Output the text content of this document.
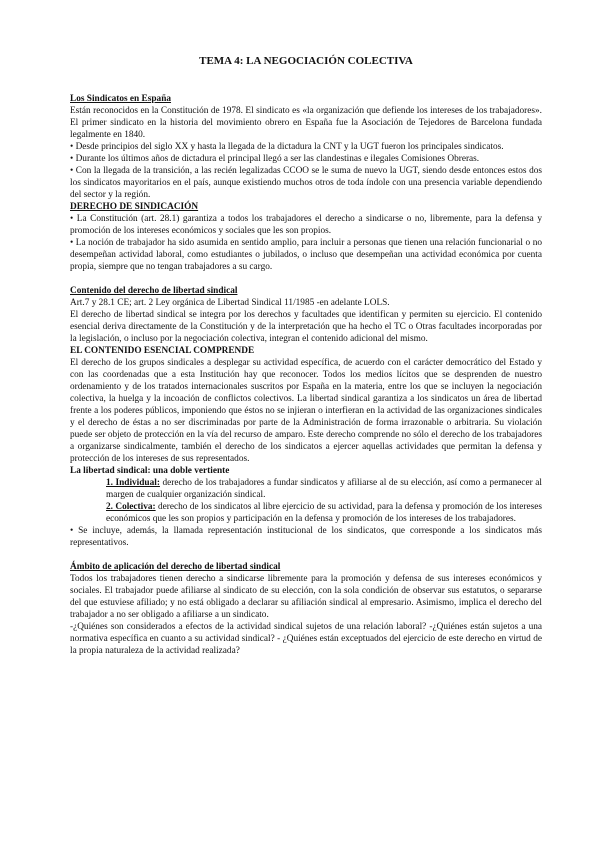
TEMA 4: LA NEGOCIACIÓN COLECTIVA

Los Sindicatos en España

Están reconocidos en la Constitución de 1978. El sindicato es «la organización que defiende los intereses de los trabajadores». El primer sindicato en la historia del movimiento obrero en España fue la Asociación de Tejedores de Barcelona fundada legalmente en 1840.

• Desde principios del siglo XX y hasta la llegada de la dictadura la CNT y la UGT fueron los principales sindicatos.

• Durante los últimos años de dictadura el principal llegó a ser las clandestinas e ilegales Comisiones Obreras.

• Con la llegada de la transición, a las recién legalizadas CCOO se le suma de nuevo la UGT, siendo desde entonces estos dos los sindicatos mayoritarios en el país, aunque existiendo muchos otros de toda índole con una presencia variable dependiendo del sector y la región.

DERECHO DE SINDICACIÓN

• La Constitución (art. 28.1) garantiza a todos los trabajadores el derecho a sindicarse o no, libremente, para la defensa y promoción de los intereses económicos y sociales que les son propios.

• La noción de trabajador ha sido asumida en sentido amplio, para incluir a personas que tienen una relación funcionarial o no desempeñan actividad laboral, como estudiantes o jubilados, o incluso que desempeñan una actividad económica por cuenta propia, siempre que no tengan trabajadores a su cargo.

Contenido del derecho de libertad sindical

Art.7 y 28.1 CE; art. 2 Ley orgánica de Libertad Sindical 11/1985 -en adelante LOLS.

El derecho de libertad sindical se integra por los derechos y facultades que identifican y permiten su ejercicio. El contenido esencial deriva directamente de la Constitución y de la interpretación que ha hecho el TC o Otras facultades incorporadas por la legislación, o incluso por la negociación colectiva, integran el contenido adicional del mismo.

EL CONTENIDO ESENCIAL COMPRENDE

El derecho de los grupos sindicales a desplegar su actividad específica, de acuerdo con el carácter democrático del Estado y con las coordenadas que a esta Institución hay que reconocer. Todos los medios lícitos que se desprenden de nuestro ordenamiento y de los tratados internacionales suscritos por España en la materia, entre los que se incluyen la negociación colectiva, la huelga y la incoación de conflictos colectivos. La libertad sindical garantiza a los sindicatos un área de libertad frente a los poderes públicos, imponiendo que éstos no se injieran o interfieran en la actividad de las organizaciones sindicales y el derecho de éstas a no ser discriminadas por parte de la Administración de forma irrazonable o arbitraria. Su violación puede ser objeto de protección en la vía del recurso de amparo. Este derecho comprende no sólo el derecho de los trabajadores a organizarse sindicalmente, también el derecho de los sindicatos a ejercer aquellas actividades que permitan la defensa y protección de los intereses de sus representados.

La libertad sindical: una doble vertiente

1. Individual: derecho de los trabajadores a fundar sindicatos y afiliarse al de su elección, así como a permanecer al margen de cualquier organización sindical.

2. Colectiva: derecho de los sindicatos al libre ejercicio de su actividad, para la defensa y promoción de los intereses económicos que les son propios y participación en la defensa y promoción de los intereses de los trabajadores.

• Se incluye, además, la llamada representación institucional de los sindicatos, que corresponde a los sindicatos más representativos.

Ámbito de aplicación del derecho de libertad sindical

Todos los trabajadores tienen derecho a sindicarse libremente para la promoción y defensa de sus intereses económicos y sociales. El trabajador puede afiliarse al sindicato de su elección, con la sola condición de observar sus estatutos, o separarse del que estuviese afiliado; y no está obligado a declarar su afiliación sindical al empresario. Asimismo, implica el derecho del trabajador a no ser obligado a afiliarse a un sindicato.

-¿Quiénes son considerados a efectos de la actividad sindical sujetos de una relación laboral? -¿Quiénes están sujetos a una normativa específica en cuanto a su actividad sindical? - ¿Quiénes están exceptuados del ejercicio de este derecho en virtud de la propia naturaleza de la actividad realizada?
